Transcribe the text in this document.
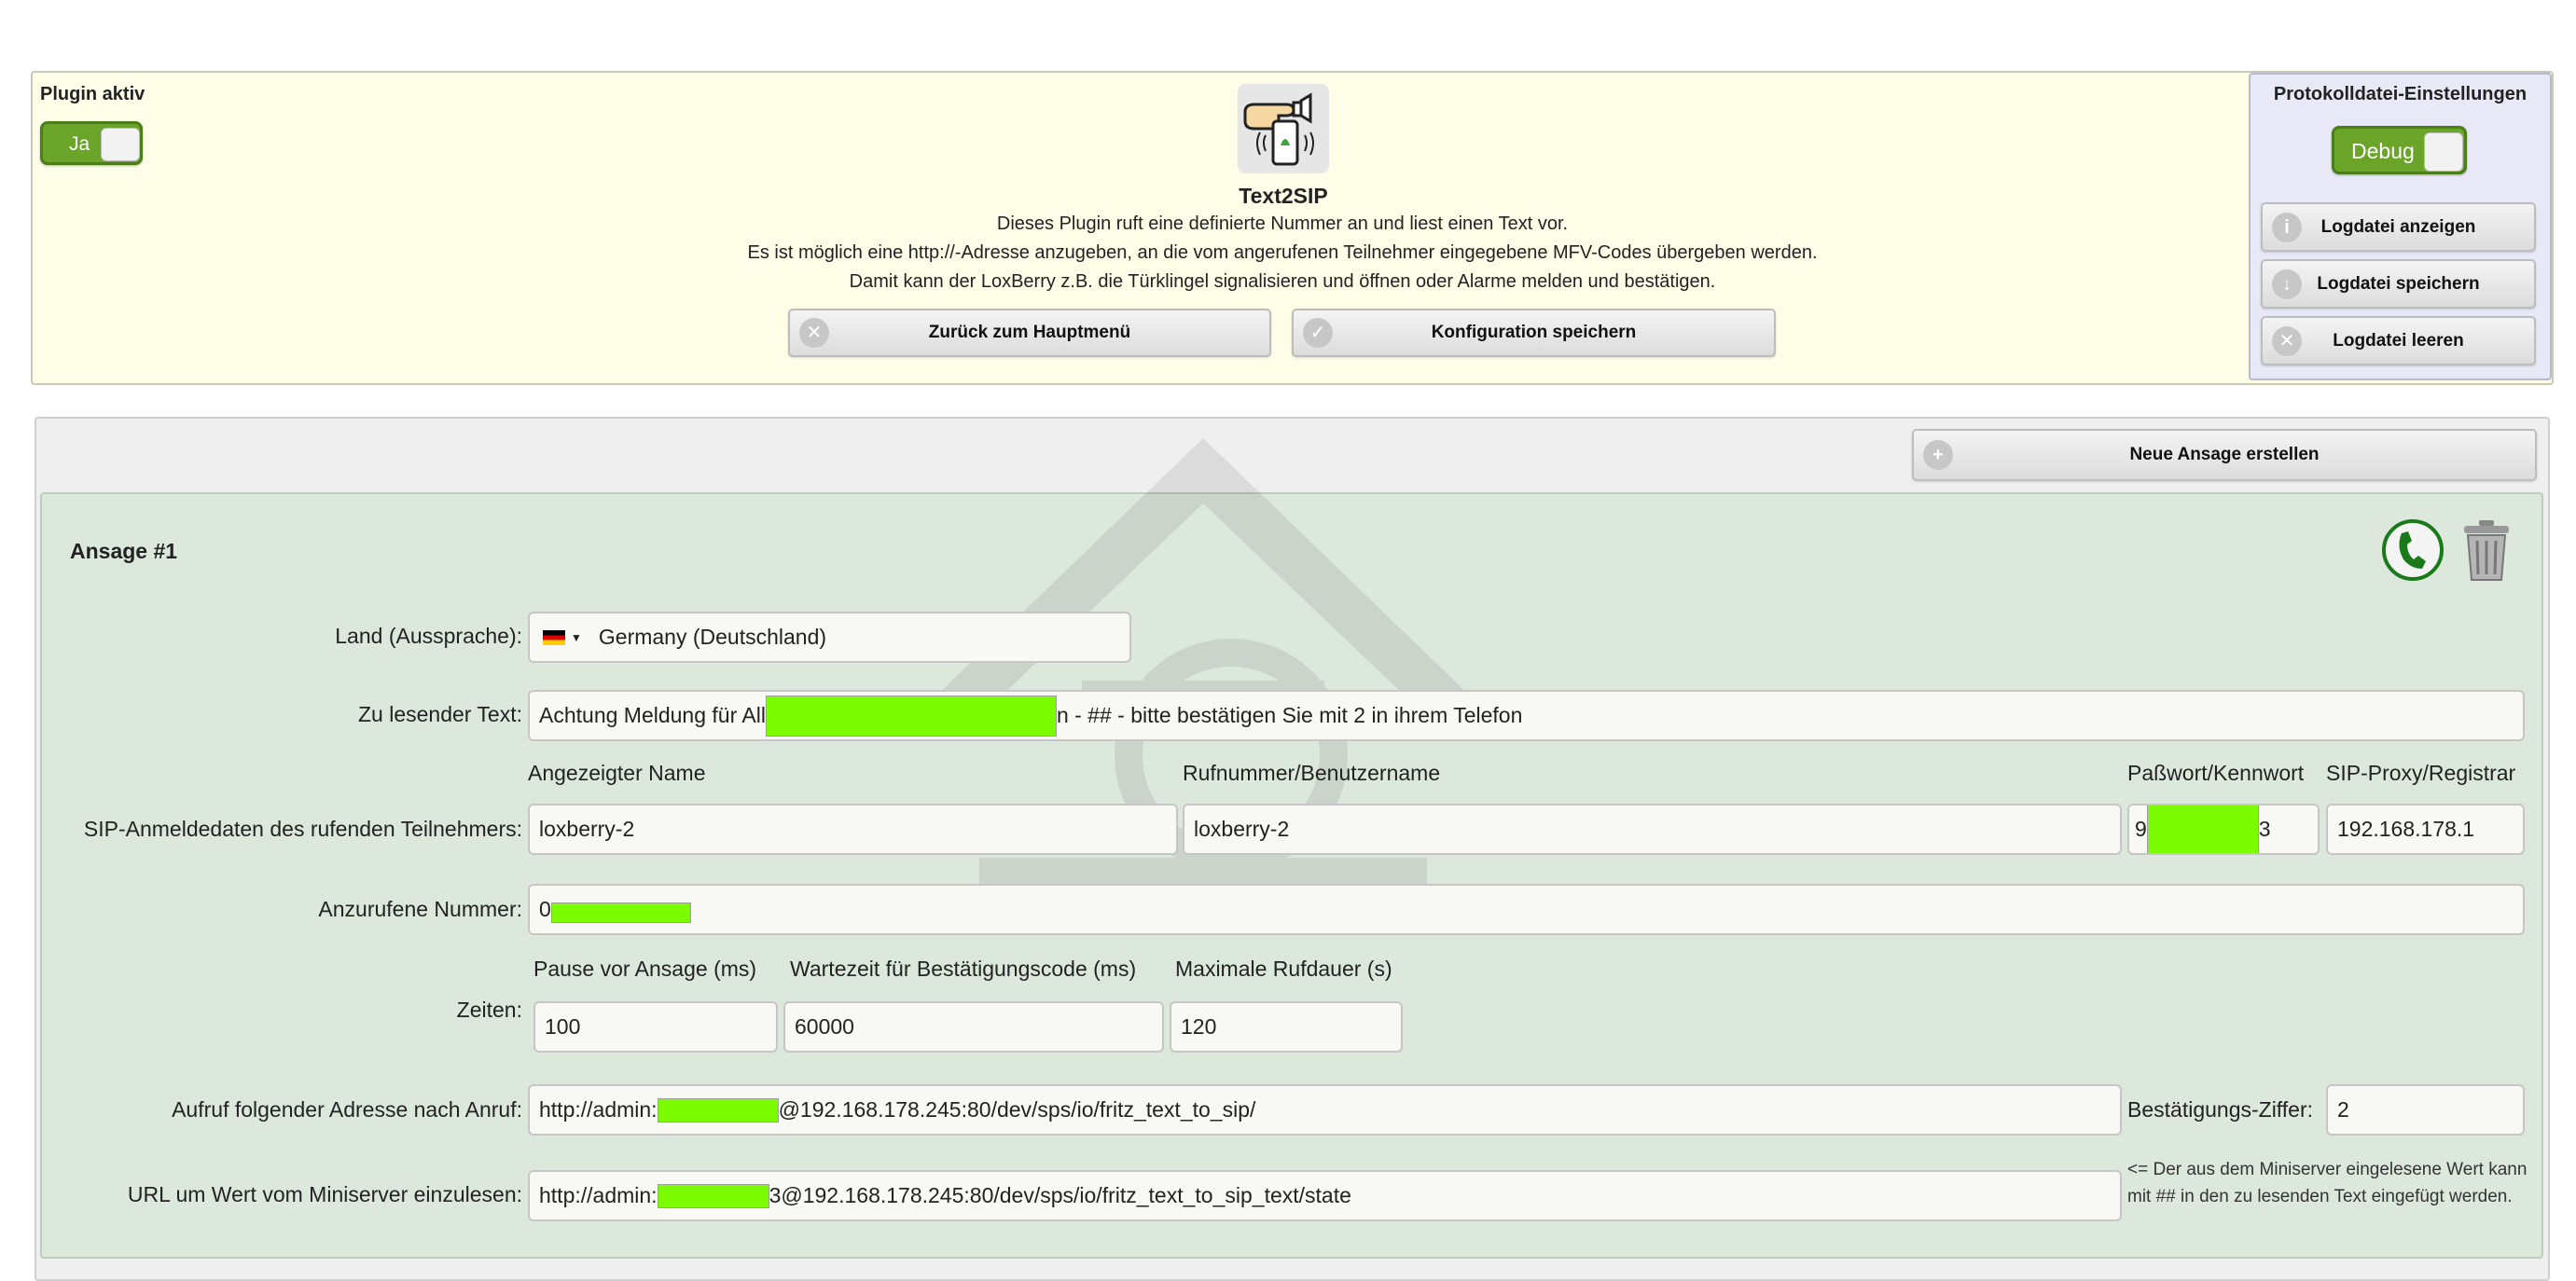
Plugin aktiv
Ja
Text2SIP
Dieses Plugin ruft eine definierte Nummer an und liest einen Text vor.
Es ist möglich eine http://-Adresse anzugeben, an die vom angerufenen Teilnehmer eingegebene MFV-Codes übergeben werden.
Damit kann der LoxBerry z.B. die Türklingel signalisieren und öffnen oder Alarme melden und bestätigen.
✕	Zurück zum Hauptmenü	✓	Konfiguration speichern
Protokolldatei-Einstellungen
Debug
i	Logdatei anzeigen
↓	Logdatei speichern
✕	Logdatei leeren
+	Neue Ansage erstellen
Ansage #1
Land (Aussprache):	▼ Germany (Deutschland)
Zu lesender Text: Achtung Meldung für All	n - ## - bitte bestätigen Sie mit 2 in ihrem Telefon
Angezeigter Name	Rufnummer/Benutzername	Paßwort/Kennwort SIP-Proxy/Registrar
SIP-Anmeldedaten des rufenden Teilnehmers: loxberry-2	loxberry-2	9	3	192.168.178.1
Anzurufene Nummer: 0
Pause vor Ansage (ms) Wartezeit für Bestätigungscode (ms) Maximale Rufdauer (s)
Zeiten:
100	60000	120
Aufruf folgender Adresse nach Anruf: http://admin:	@192.168.178.245:80/dev/sps/io/fritz_text_to_sip/	Bestätigungs-Ziffer: 2
URL um Wert vom Miniserver einzulesen: http://admin:	3@192.168.178.245:80/dev/sps/io/fritz_text_to_sip_text/state
<= Der aus dem Miniserver eingelesene Wert kann mit ## in den zu lesenden Text eingefügt werden.
